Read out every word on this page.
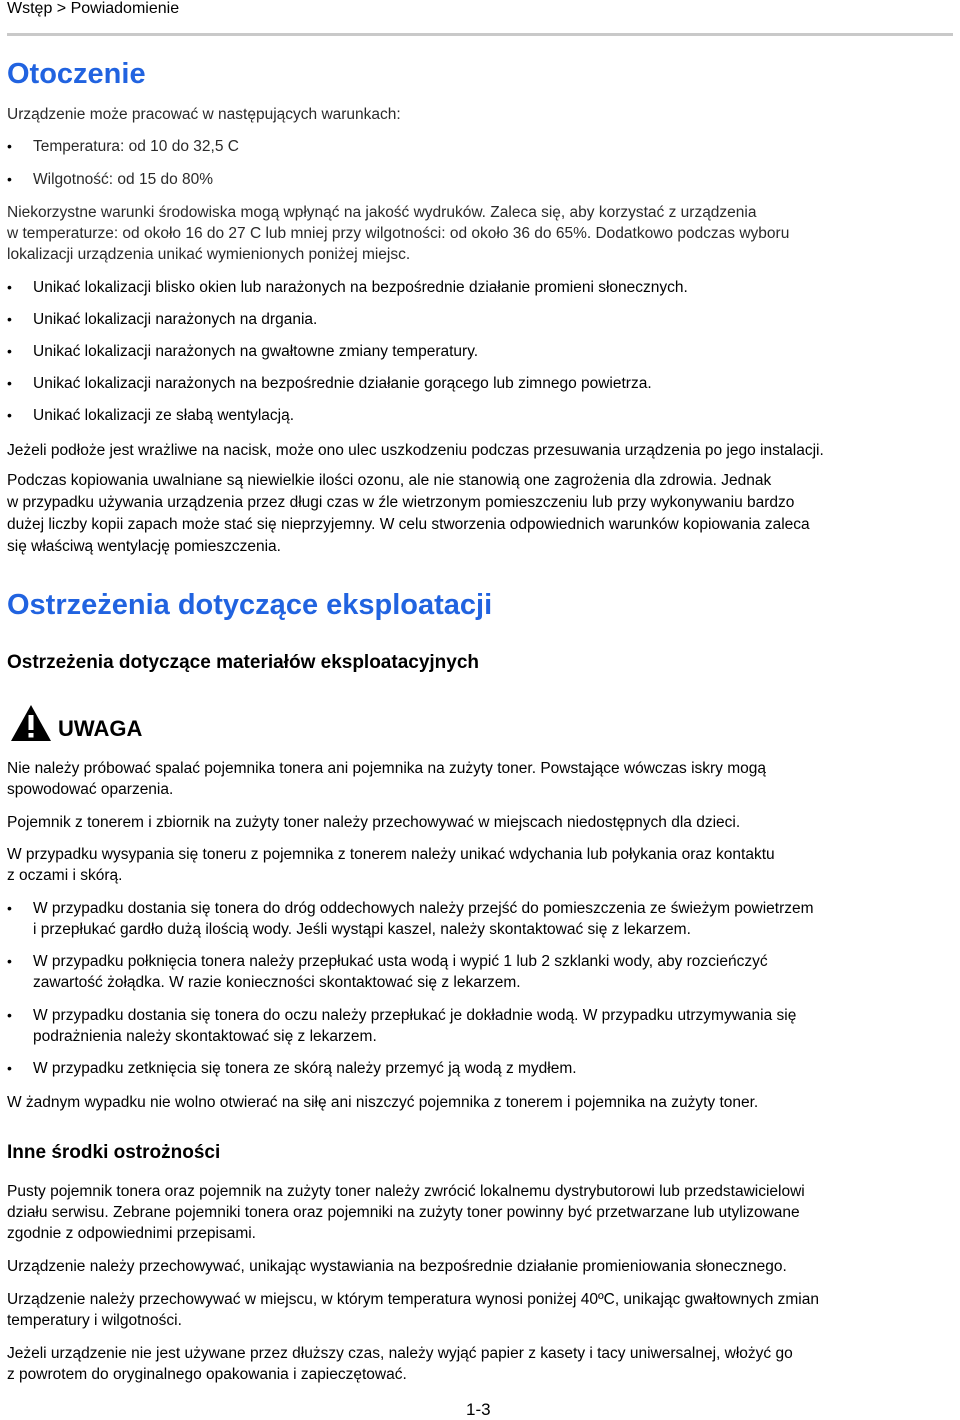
Wstęp > Powiadomienie
Otoczenie

Urządzenie może pracować w następujących warunkach:

• Temperatura: od 10 do 32,5 C

• Wilgotność: od 15 do 80%

Niekorzystne warunki środowiska mogą wpłynąć na jakość wydruków. Zaleca się, aby korzystać z urządzenia

w temperaturze: od około 16 do 27 C lub mniej przy wilgotności: od około 36 do 65%. Dodatkowo podczas wyboru

lokalizacji urządzenia unikać wymienionych poniżej miejsc.

• Unikać lokalizacji blisko okien lub narażonych na bezpośrednie działanie promieni słonecznych.

• Unikać lokalizacji narażonych na drgania.

• Unikać lokalizacji narażonych na gwałtowne zmiany temperatury.

• Unikać lokalizacji narażonych na bezpośrednie działanie gorącego lub zimnego powietrza.

• Unikać lokalizacji ze słabą wentylacją.

Jeżeli podłoże jest wrażliwe na nacisk, może ono ulec uszkodzeniu podczas przesuwania urządzenia po jego instalacji.

Podczas kopiowania uwalniane są niewielkie ilości ozonu, ale nie stanowią one zagrożenia dla zdrowia. Jednak

w przypadku używania urządzenia przez długi czas w źle wietrzonym pomieszczeniu lub przy wykonywaniu bardzo

dużej liczby kopii zapach może stać się nieprzyjemny. W celu stworzenia odpowiednich warunków kopiowania zaleca

się właściwą wentylację pomieszczenia.

Ostrzeżenia dotyczące eksploatacji
Ostrzeżenia dotyczące materiałów eksploatacyjnych
UWAGA

Nie należy próbować spalać pojemnika tonera ani pojemnika na zużyty toner. Powstające wówczas iskry mogą

spowodować oparzenia.

Pojemnik z tonerem i zbiornik na zużyty toner należy przechowywać w miejscach niedostępnych dla dzieci.

W przypadku wysypania się toneru z pojemnika z tonerem należy unikać wdychania lub połykania oraz kontaktu

z oczami i skórą.

• W przypadku dostania się tonera do dróg oddechowych należy przejść do pomieszczenia ze świeżym powietrzem

i przepłukać gardło dużą ilością wody. Jeśli wystąpi kaszel, należy skontaktować się z lekarzem.

• W przypadku połknięcia tonera należy przepłukać usta wodą i wypić 1 lub 2 szklanki wody, aby rozcieńczyć

zawartość żołądka. W razie konieczności skontaktować się z lekarzem.

• W przypadku dostania się tonera do oczu należy przepłukać je dokładnie wodą. W przypadku utrzymywania się

podrażnienia należy skontaktować się z lekarzem.

• W przypadku zetknięcia się tonera ze skórą należy przemyć ją wodą z mydłem.

W żadnym wypadku nie wolno otwierać na siłę ani niszczyć pojemnika z tonerem i pojemnika na zużyty toner.

Inne środki ostrożności

Pusty pojemnik tonera oraz pojemnik na zużyty toner należy zwrócić lokalnemu dystrybutorowi lub przedstawicielowi

działu serwisu. Zebrane pojemniki tonera oraz pojemniki na zużyty toner powinny być przetwarzane lub utylizowane

zgodnie z odpowiednimi przepisami.

Urządzenie należy przechowywać, unikając wystawiania na bezpośrednie działanie promieniowania słonecznego.

Urządzenie należy przechowywać w miejscu, w którym temperatura wynosi poniżej 40ºC, unikając gwałtownych zmian

temperatury i wilgotności.

Jeżeli urządzenie nie jest używane przez dłuższy czas, należy wyjąć papier z kasety i tacy uniwersalnej, włożyć go

z powrotem do oryginalnego opakowania i zapieczętować.

1-3
